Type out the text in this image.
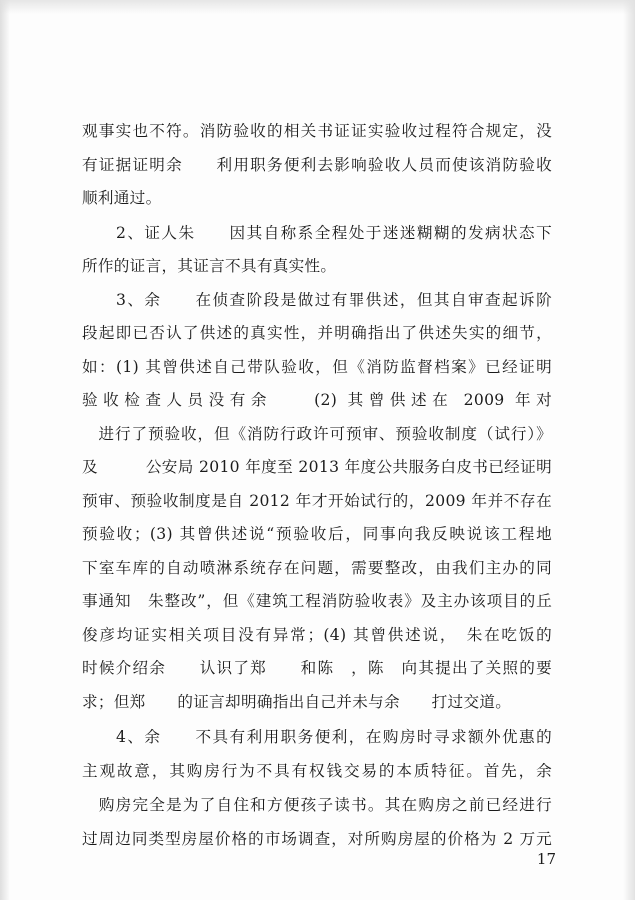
观事实也不符。消防验收的相关书证证实验收过程符合规定，没
有证据证明余　　利用职务便利去影响验收人员而使该消防验收
顺利通过。
2、证人朱　　因其自称系全程处于迷迷糊糊的发病状态下
所作的证言，其证言不具有真实性。
3、余　　在侦查阶段是做过有罪供述，但其自审查起诉阶
段起即已否认了供述的真实性，并明确指出了供述失实的细节，
如：(1) 其曾供述自己带队验收，但《消防监督档案》已经证明
验收检查人员没有余　　(2) 其曾供述在 2009 年对
　进行了预验收，但《消防行政许可预审、预验收制度（试行）》
及　　　公安局 2010 年度至 2013 年度公共服务白皮书已经证明
预审、预验收制度是自 2012 年才开始试行的，2009 年并不存在
预验收；(3) 其曾供述说“预验收后，同事向我反映说该工程地
下室车库的自动喷淋系统存在问题，需要整改，由我们主办的同
事通知　朱整改”，但《建筑工程消防验收表》及主办该项目的丘
俊彦均证实相关项目没有异常；(4) 其曾供述说，　朱在吃饭的
时候介绍余　　认识了郑　　和陈　，陈　向其提出了关照的要
求；但郑　　的证言却明确指出自己并未与余　　打过交道。
4、余　　不具有利用职务便利，在购房时寻求额外优惠的
主观故意，其购房行为不具有权钱交易的本质特征。首先，余
　购房完全是为了自住和方便孩子读书。其在购房之前已经进行
过周边同类型房屋价格的市场调查，对所购房屋的价格为 2 万元
17
